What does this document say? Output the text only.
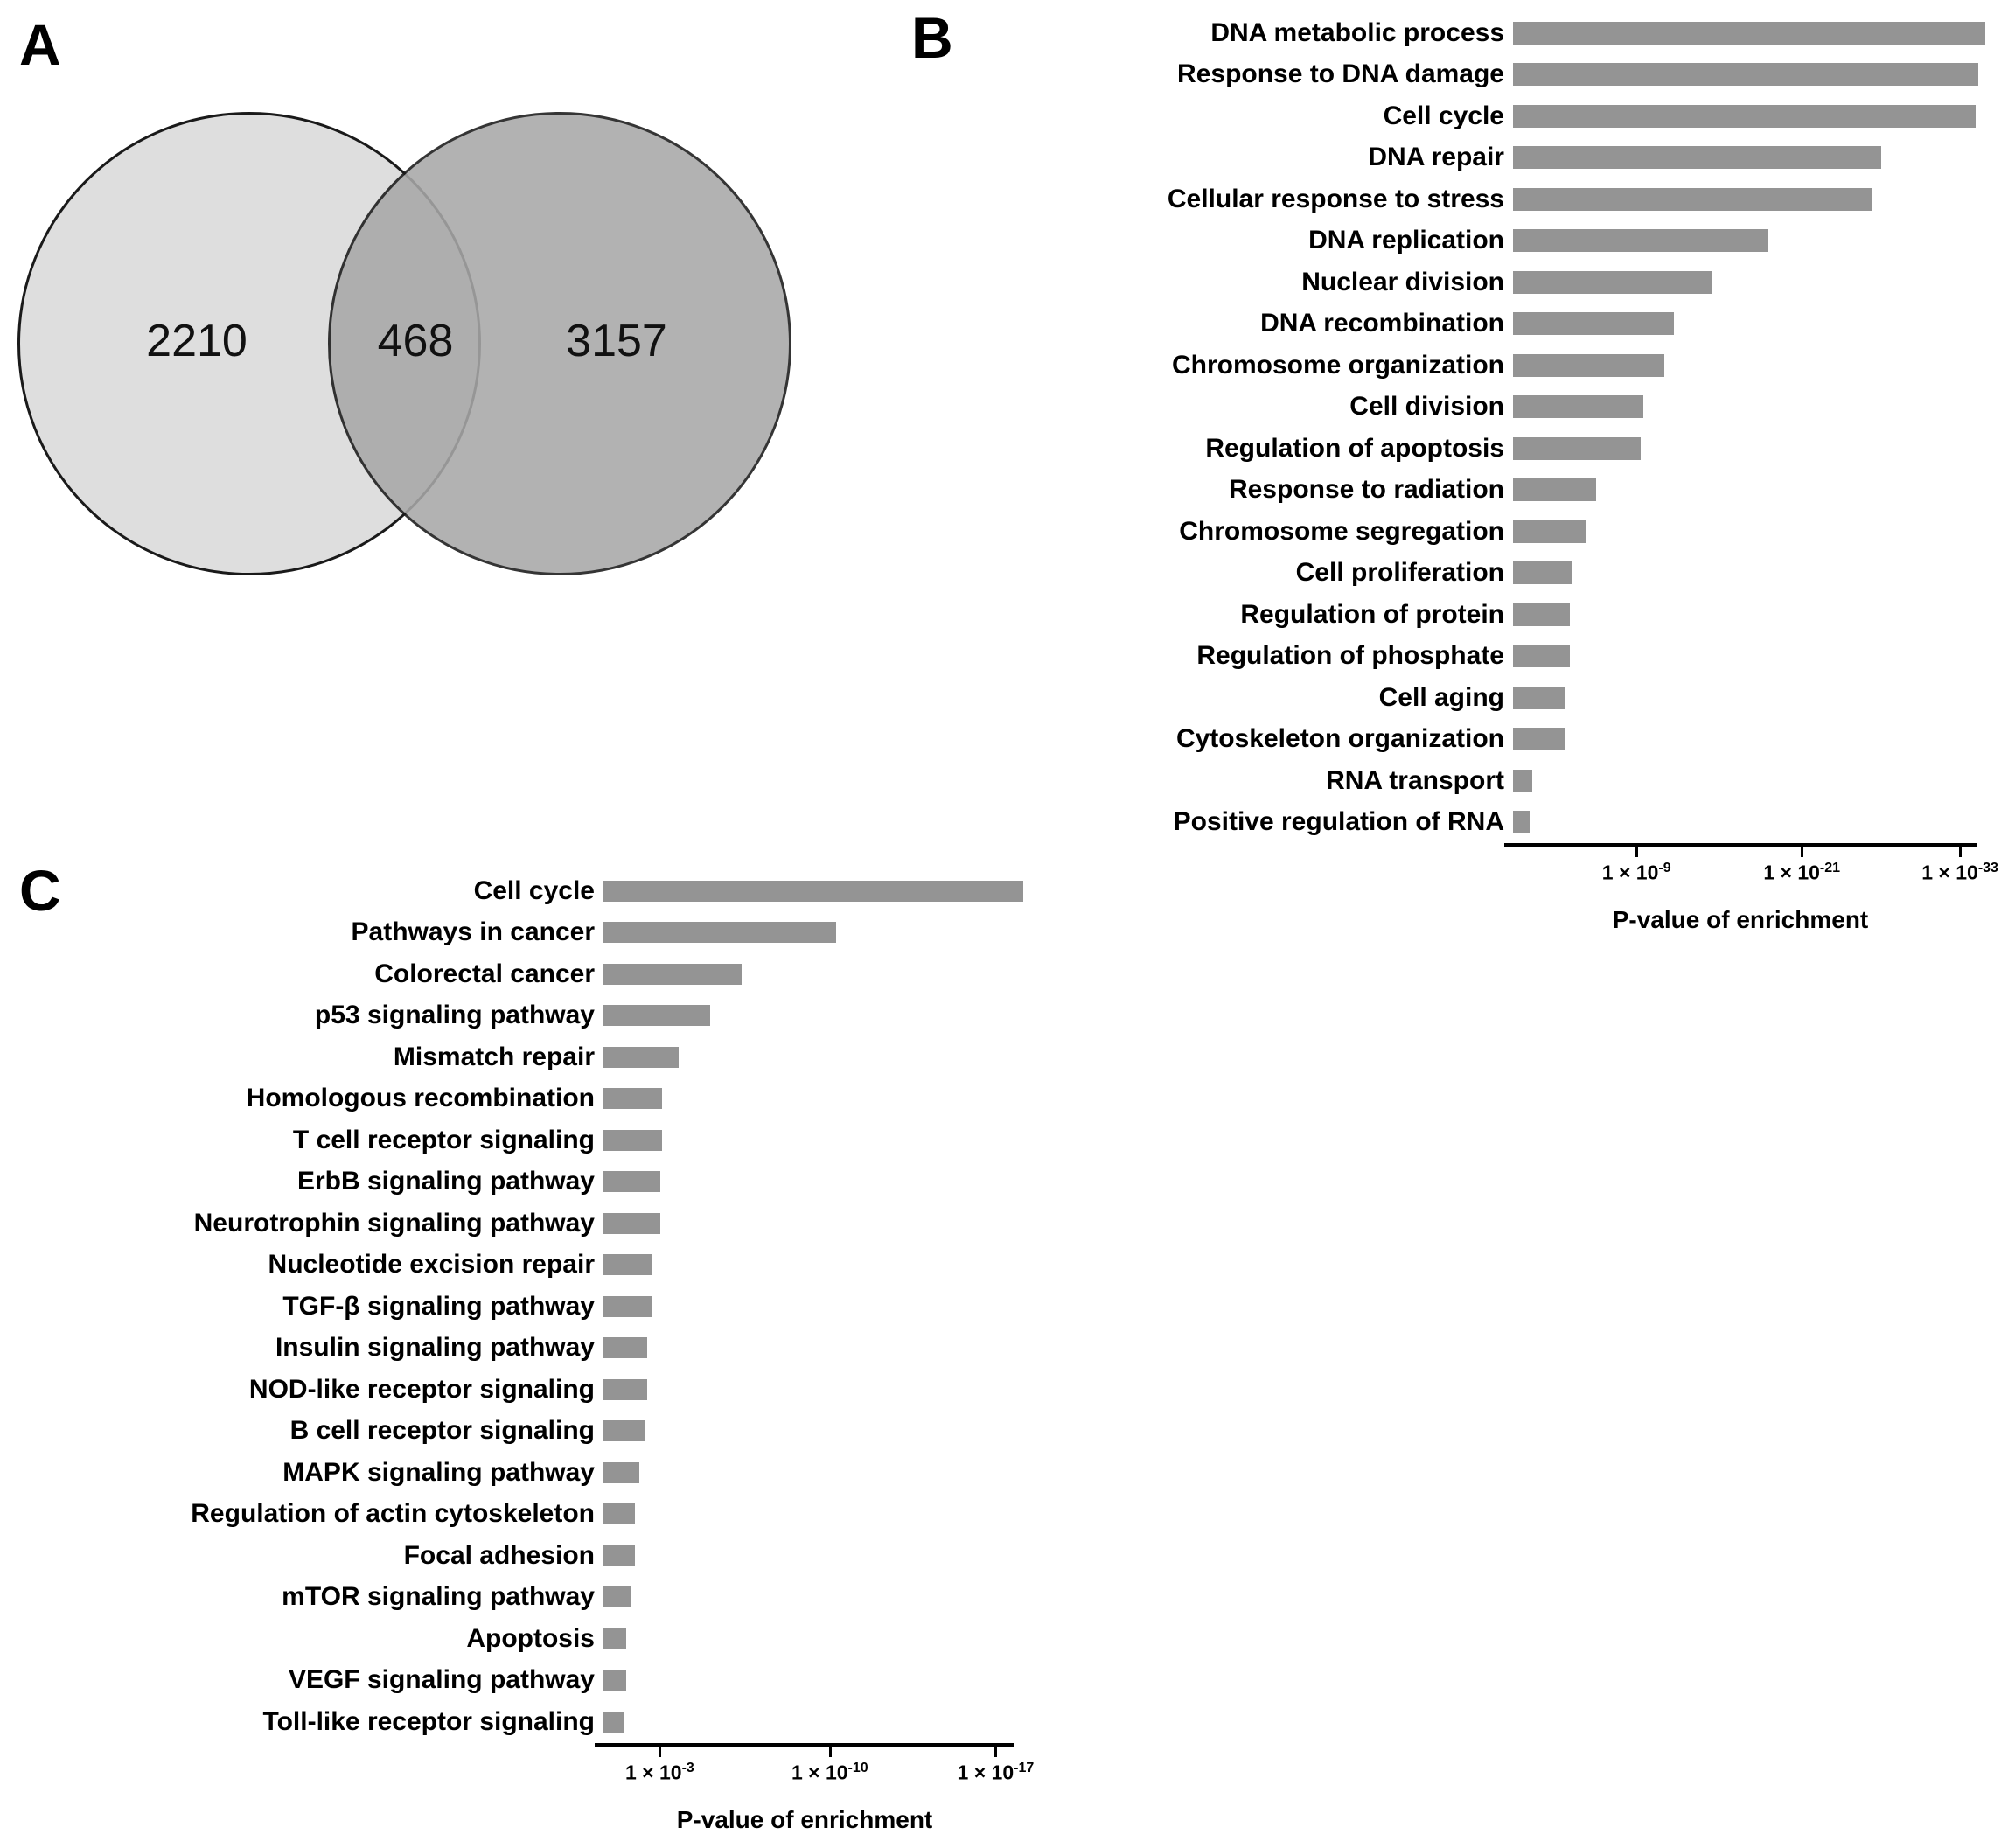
A
2210	468	3157
B	DNA metabolic process
Response to DNA damage
Cell cycle
DNA repair
Cellular response to stress
DNA replication
Nuclear division
DNA recombination
Chromosome organization
Cell division
Regulation of apoptosis
Response to radiation
Chromosome segregation
Cell proliferation
Regulation of protein
Regulation of phosphate
Cell aging
Cytoskeleton organization
RNA transport
Positive regulation of RNA
$1 \times 10^{-9}$	$1 \times 10^{-21}$	$1 \times 10^{-33}$
P-value of enrichment
C	Cell cycle
Pathways in cancer
Colorectal cancer
p53 signaling pathway
Mismatch repair
Homologous recombination
T cell receptor signaling
ErbB signaling pathway
Neurotrophin signaling pathway
Nucleotide excision repair
TGF-β signaling pathway
Insulin signaling pathway
NOD-like receptor signaling
B cell receptor signaling
MAPK signaling pathway
Regulation of actin cytoskeleton
Focal adhesion
mTOR signaling pathway
Apoptosis
VEGF signaling pathway
Toll-like receptor signaling
$1 \times 10^{-3}$	$1 \times 10^{-10}$	$1 \times 10^{-17}$
P-value of enrichment
